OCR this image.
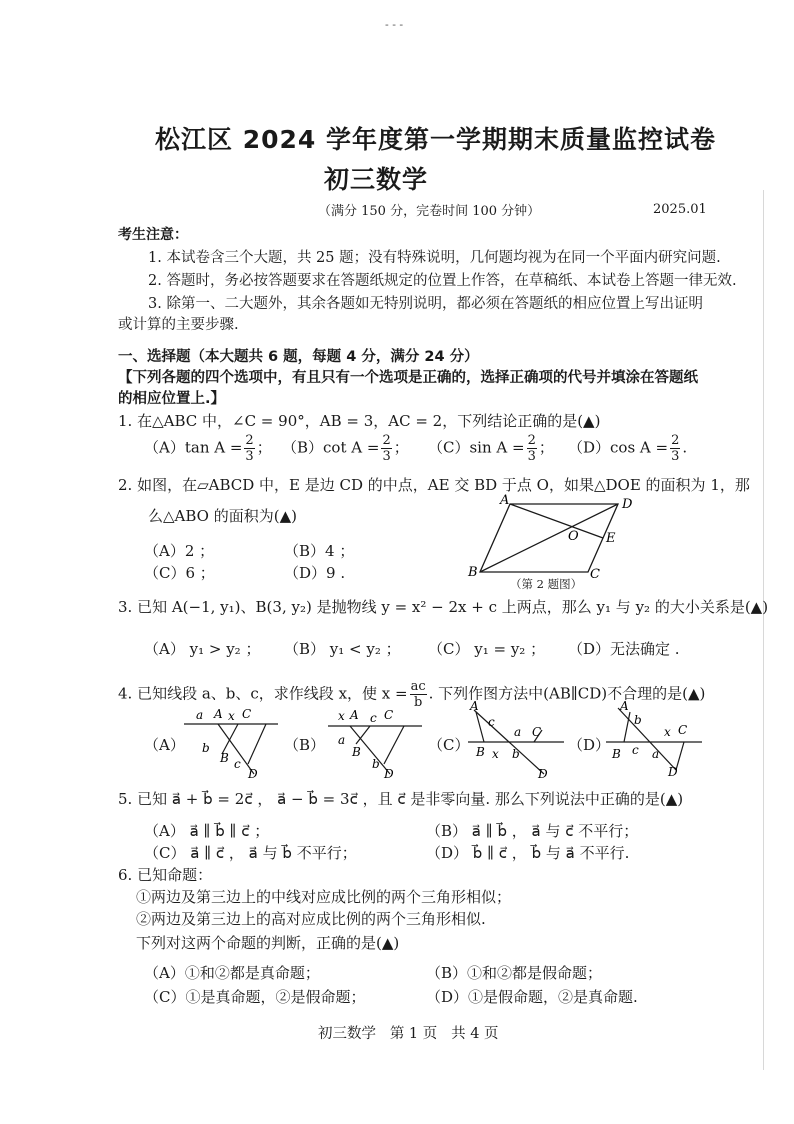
- - -
松江区 2024 学年度第一学期期末质量监控试卷
初三数学
（满分 150 分，完卷时间 100 分钟）	2025.01
考生注意：
1. 本试卷含三个大题，共 25 题；没有特殊说明，几何题均视为在同一个平面内研究问题.
2. 答题时，务必按答题要求在答题纸规定的位置上作答，在草稿纸、本试卷上答题一律无效.
3. 除第一、二大题外，其余各题如无特别说明，都必须在答题纸的相应位置上写出证明
或计算的主要步骤.
一、选择题（本大题共 6 题，每题 4 分，满分 24 分）
【下列各题的四个选项中，有且只有一个选项是正确的，选择正确项的代号并填涂在答题纸
的相应位置上.】
1. 在△ABC 中，∠C = 90°，AB = 3，AC = 2，下列结论正确的是(▲)
（A）tan $A = \frac{2}{3}$ ； （B）cot $A = \frac{2}{3}$ ； （C）sin $A = \frac{2}{3}$ ； （D）cos $A = \frac{2}{3}$ .
2. 如图，在▱ABCD 中，E 是边 CD 的中点，AE 交 BD 于点 O，如果△DOE 的面积为 1，那
么△ABO 的面积为(▲)
（A）2 ；	（B）4 ；
（C）6 ；	（D）9 .
A	D
E
O
B	C
（第 2 题图）
3. 已知 A(−1, y₁)、B(3, y₂) 是抛物线 y = x² − 2x + c 上两点，那么 y₁ 与 y₂ 的大小关系是(▲)
（A） y₁ > y₂ ； （B） y₁ < y₂ ； （C） y₁ = y₂ ； （D）无法确定 .
4. 已知线段 a、b、c，求作线段 x，使 $x = \frac{ac}{b}$ . 下列作图方法中(AB∥CD)不合理的是(▲)
（A）
a A x C
b
B c
D
（B）
x A c C
a
B
b
D
（C）
A
c
a C
B x b
D
（D）
A
b
x C
B c a
D
5. 已知 a⃗ + b⃗ = 2c⃗ ， a⃗ − b⃗ = 3c⃗ ，且 c⃗ 是非零向量. 那么下列说法中正确的是(▲)
（A） a⃗ ∥ b⃗ ∥ c⃗ ；	（B） a⃗ ∥ b⃗ ， a⃗ 与 c⃗ 不平行；
（C） a⃗ ∥ c⃗ ， a⃗ 与 b⃗ 不平行；	（D） b⃗ ∥ c⃗ ， b⃗ 与 a⃗ 不平行.
6. 已知命题：
①两边及第三边上的中线对应成比例的两个三角形相似；
②两边及第三边上的高对应成比例的两个三角形相似.
下列对这两个命题的判断，正确的是(▲)
（A）①和②都是真命题；	（B）①和②都是假命题；
（C）①是真命题，②是假命题；	（D）①是假命题，②是真命题.
初三数学   第 1 页   共 4 页
